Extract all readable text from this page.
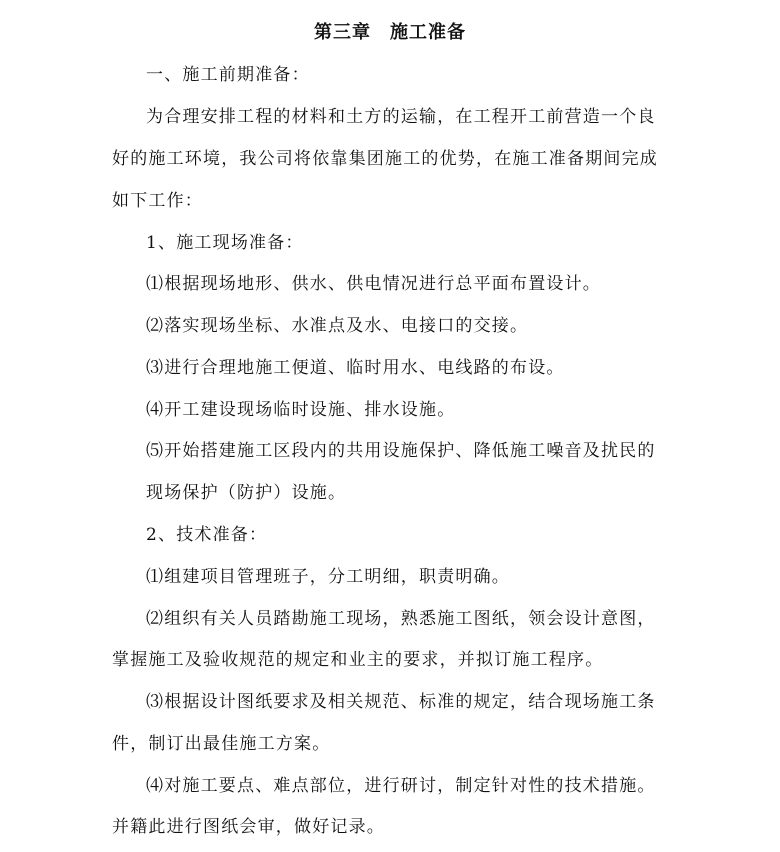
第三章　施工准备
一、施工前期准备：
为合理安排工程的材料和土方的运输，在工程开工前营造一个良
好的施工环境，我公司将依靠集团施工的优势，在施工准备期间完成
如下工作：
1、施工现场准备：
⑴根据现场地形、供水、供电情况进行总平面布置设计。
⑵落实现场坐标、水准点及水、电接口的交接。
⑶进行合理地施工便道、临时用水、电线路的布设。
⑷开工建设现场临时设施、排水设施。
⑸开始搭建施工区段内的共用设施保护、降低施工噪音及扰民的
现场保护（防护）设施。
2、技术准备：
⑴组建项目管理班子，分工明细，职责明确。
⑵组织有关人员踏勘施工现场，熟悉施工图纸，领会设计意图，
掌握施工及验收规范的规定和业主的要求，并拟订施工程序。
⑶根据设计图纸要求及相关规范、标准的规定，结合现场施工条
件，制订出最佳施工方案。
⑷对施工要点、难点部位，进行研讨，制定针对性的技术措施。
并籍此进行图纸会审，做好记录。
